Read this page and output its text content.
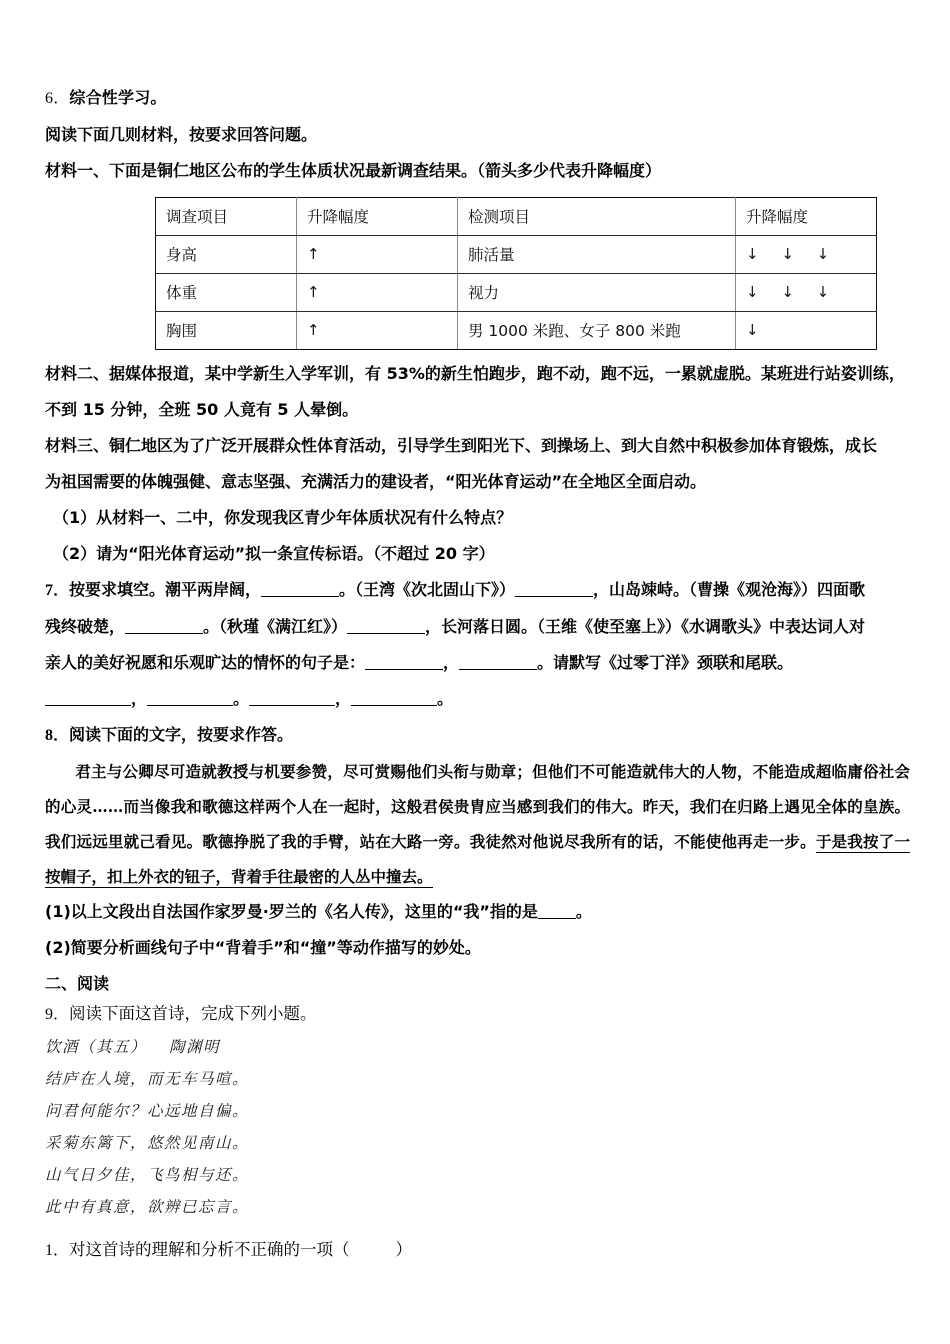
6．综合性学习。
阅读下面几则材料，按要求回答问题。
材料一、下面是铜仁地区公布的学生体质状况最新调查结果。（箭头多少代表升降幅度）
调查项目	升降幅度	检测项目	升降幅度
身高	↑	肺活量	↓ ↓ ↓
体重	↑	视力	↓ ↓ ↓
胸围	↑	男 1000 米跑、女子 800 米跑	↓
材料二、据媒体报道，某中学新生入学军训，有 53%的新生怕跑步，跑不动，跑不远，一累就虚脱。某班进行站姿训练，
不到 15 分钟，全班 50 人竟有 5 人晕倒。
材料三、铜仁地区为了广泛开展群众性体育活动，引导学生到阳光下、到操场上、到大自然中积极参加体育锻炼，成长
为祖国需要的体魄强健、意志坚强、充满活力的建设者，“阳光体育运动”在全地区全面启动。
（1）从材料一、二中，你发现我区青少年体质状况有什么特点？
（2）请为“阳光体育运动”拟一条宣传标语。（不超过 20 字）
7．按要求填空。潮平两岸阔，	。（王湾《次北固山下》）	，山岛竦峙。（曹操《观沧海》）四面歌
残终破楚，	。（秋瑾《满江红》）	，长河落日圆。（王维《使至塞上》）《水调歌头》中表达词人对
亲人的美好祝愿和乐观旷达的情怀的句子是：	，	。请默写《过零丁洋》颈联和尾联。
，	。	，	。
8．阅读下面的文字，按要求作答。
君主与公卿尽可造就教授与机要参赞，尽可赏赐他们头衔与勋章；但他们不可能造就伟大的人物，不能造成超临庸俗社会的心灵……而当像我和歌德这样两个人在一起时，这般君侯贵胄应当感到我们的伟大。昨天，我们在归路上遇见全体的皇族。我们远远里就己看见。歌德挣脱了我的手臂，站在大路一旁。我徒然对他说尽我所有的话，不能使他再走一步。于是我按了一按帽子，扣上外衣的钮子，背着手往最密的人丛中撞去。
(1)以上文段出自法国作家罗曼·罗兰的《名人传》，这里的“我”指的是 。
(2)简要分析画线句子中“背着手”和“撞”等动作描写的妙处。
二、阅读
9．阅读下面这首诗，完成下列小题。
饮酒（其五） 陶渊明
结庐在人境，而无车马喧。
问君何能尔？心远地自偏。
采菊东篱下，悠然见南山。
山气日夕佳，飞鸟相与还。
此中有真意，欲辨已忘言。
1．对这首诗的理解和分析不正确的一项（	）
